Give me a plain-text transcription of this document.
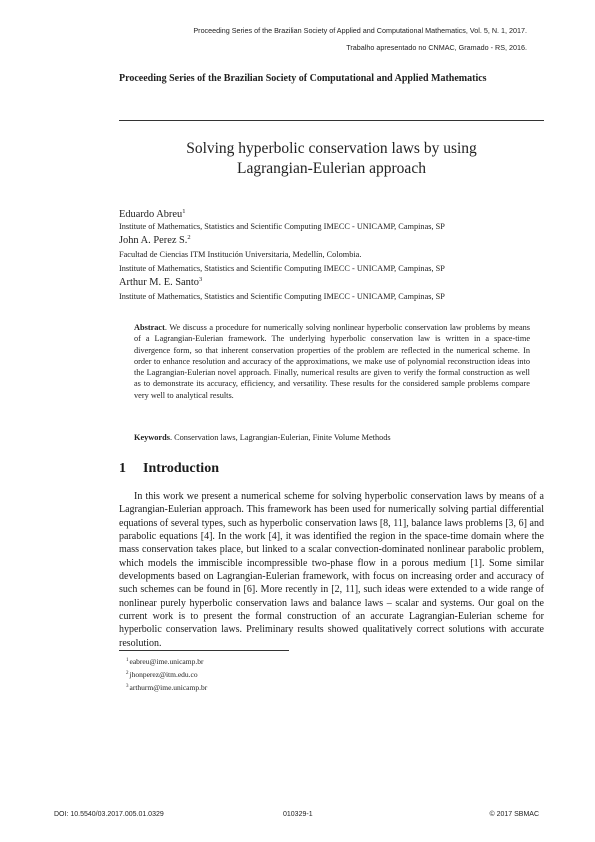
Proceeding Series of the Brazilian Society of Applied and Computational Mathematics, Vol. 5, N. 1, 2017.
Trabalho apresentado no CNMAC, Gramado - RS, 2016.
Proceeding Series of the Brazilian Society of Computational and Applied Mathematics
Solving hyperbolic conservation laws by using
Lagrangian-Eulerian approach
Eduardo Abreu$^1$
Institute of Mathematics, Statistics and Scientific Computing IMECC - UNICAMP, Campinas, SP
John A. Perez S.$^2$
Facultad de Ciencias ITM Institución Universitaria, Medellín, Colombia.
Institute of Mathematics, Statistics and Scientific Computing IMECC - UNICAMP, Campinas, SP
Arthur M. E. Santo$^3$
Institute of Mathematics, Statistics and Scientific Computing IMECC - UNICAMP, Campinas, SP
Abstract. We discuss a procedure for numerically solving nonlinear hyperbolic conservation law problems by means of a Lagrangian-Eulerian framework. The underlying hyperbolic conservation law is written in a space-time divergence form, so that inherent conservation properties of the problem are reflected in the numerical scheme. In order to enhance resolution and accuracy of the approximations, we make use of polynomial reconstruction ideas into the Lagrangian-Eulerian novel approach. Finally, numerical results are given to verify the formal construction as well as to demonstrate its accuracy, efficiency, and versatility. These results for the considered sample problems compare very well to analytical results.
Keywords. Conservation laws, Lagrangian-Eulerian, Finite Volume Methods
1 Introduction

In this work we present a numerical scheme for solving hyperbolic conservation laws by means of a Lagrangian-Eulerian approach. This framework has been used for numerically solving partial differential equations of several types, such as hyperbolic conservation laws [8, 11], balance laws problems [3, 6] and parabolic equations [4]. In the work [4], it was identified the region in the space-time domain where the mass conservation takes place, but linked to a scalar convection-dominated nonlinear parabolic problem, which models the immiscible incompressible two-phase flow in a porous medium [1]. Some similar developments based on Lagrangian-Eulerian framework, with focus on increasing order and accuracy of such schemes can be found in [6]. More recently in [2, 11], such ideas were extended to a wide range of nonlinear purely hyperbolic conservation laws and balance laws – scalar and systems. Our goal on the current work is to present the formal construction of an accurate Lagrangian-Eulerian scheme for hyperbolic conservation laws. Preliminary results showed qualitatively correct solutions with accurate resolution.

$^1$eabreu@ime.unicamp.br
$^2$jhonperez@itm.edu.co
$^3$arthurm@ime.unicamp.br
DOI: 10.5540/03.2017.005.01.0329	010329-1	© 2017 SBMAC
